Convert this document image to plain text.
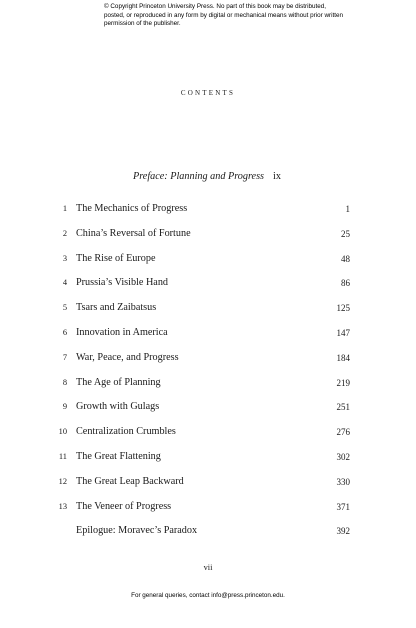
© Copyright Princeton University Press. No part of this book may be distributed, posted, or reproduced in any form by digital or mechanical means without prior written permission of the publisher.
contents
Preface: Planning and Progress ix
1 The Mechanics of Progress	1
2 China’s Reversal of Fortune	25
3 The Rise of Europe	48
4 Prussia’s Visible Hand	86
5 Tsars and Zaibatsus	125
6 Innovation in America	147
7 War, Peace, and Progress	184
8 The Age of Planning	219
9 Growth with Gulags	251
10 Centralization Crumbles	276
11 The Great Flattening	302
12 The Great Leap Backward	330
13 The Veneer of Progress	371
Epilogue: Moravec’s Paradox	392
vii
For general queries, contact info@press.princeton.edu.
